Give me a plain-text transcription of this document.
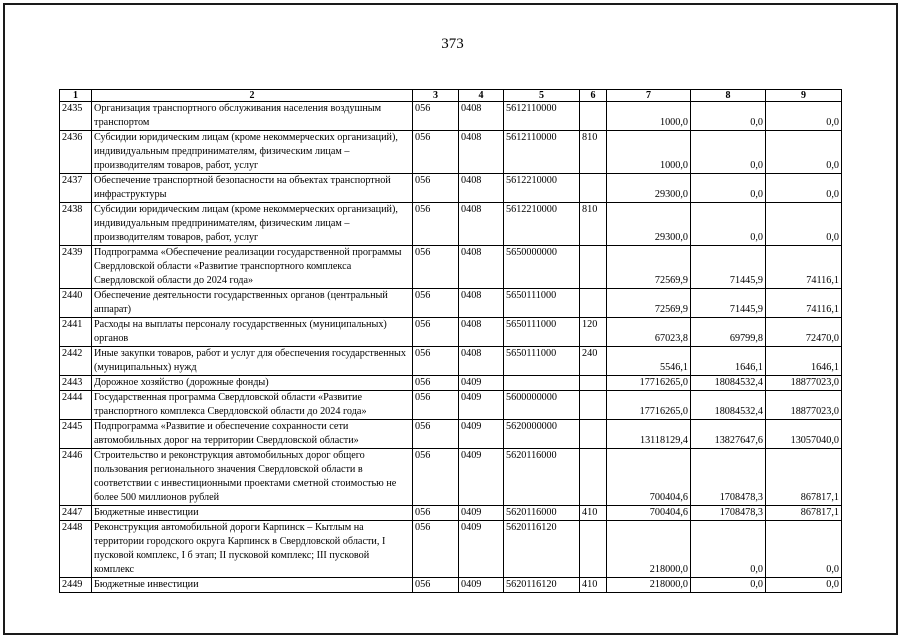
373
1	2	3	4	5	6	7	8	9
2435	Организация транспортного обслуживания населения воздушным транспортом	056	0408	5612110000		1000,0	0,0	0,0
2436	Субсидии юридическим лицам (кроме некоммерческих организаций), индивидуальным предпринимателям, физическим лицам – производителям товаров, работ, услуг	056	0408	5612110000	810	1000,0	0,0	0,0
2437	Обеспечение транспортной безопасности на объектах транспортной инфраструктуры	056	0408	5612210000		29300,0	0,0	0,0
2438	Субсидии юридическим лицам (кроме некоммерческих организаций), индивидуальным предпринимателям, физическим лицам – производителям товаров, работ, услуг	056	0408	5612210000	810	29300,0	0,0	0,0
2439	Подпрограмма «Обеспечение реализации государственной программы Свердловской области «Развитие транспортного комплекса Свердловской области до 2024 года»	056	0408	5650000000		72569,9	71445,9	74116,1
2440	Обеспечение деятельности государственных органов (центральный аппарат)	056	0408	5650111000		72569,9	71445,9	74116,1
2441	Расходы на выплаты персоналу государственных (муниципальных) органов	056	0408	5650111000	120	67023,8	69799,8	72470,0
2442	Иные закупки товаров, работ и услуг для обеспечения государственных (муниципальных) нужд	056	0408	5650111000	240	5546,1	1646,1	1646,1
2443	Дорожное хозяйство (дорожные фонды)	056	0409			17716265,0	18084532,4	18877023,0
2444	Государственная программа Свердловской области «Развитие транспортного комплекса Свердловской области до 2024 года»	056	0409	5600000000		17716265,0	18084532,4	18877023,0
2445	Подпрограмма «Развитие и обеспечение сохранности сети автомобильных дорог на территории Свердловской области»	056	0409	5620000000		13118129,4	13827647,6	13057040,0
2446	Строительство и реконструкция автомобильных дорог общего пользования регионального значения Свердловской области в соответствии с инвестиционными проектами сметной стоимостью не более 500 миллионов рублей	056	0409	5620116000		700404,6	1708478,3	867817,1
2447	Бюджетные инвестиции	056	0409	5620116000	410	700404,6	1708478,3	867817,1
2448	Реконструкция автомобильной дороги Карпинск – Кытлым на территории городского округа Карпинск в Свердловской области, I пусковой комплекс, I б этап; II пусковой комплекс; III пусковой комплекс	056	0409	5620116120		218000,0	0,0	0,0
2449	Бюджетные инвестиции	056	0409	5620116120	410	218000,0	0,0	0,0
